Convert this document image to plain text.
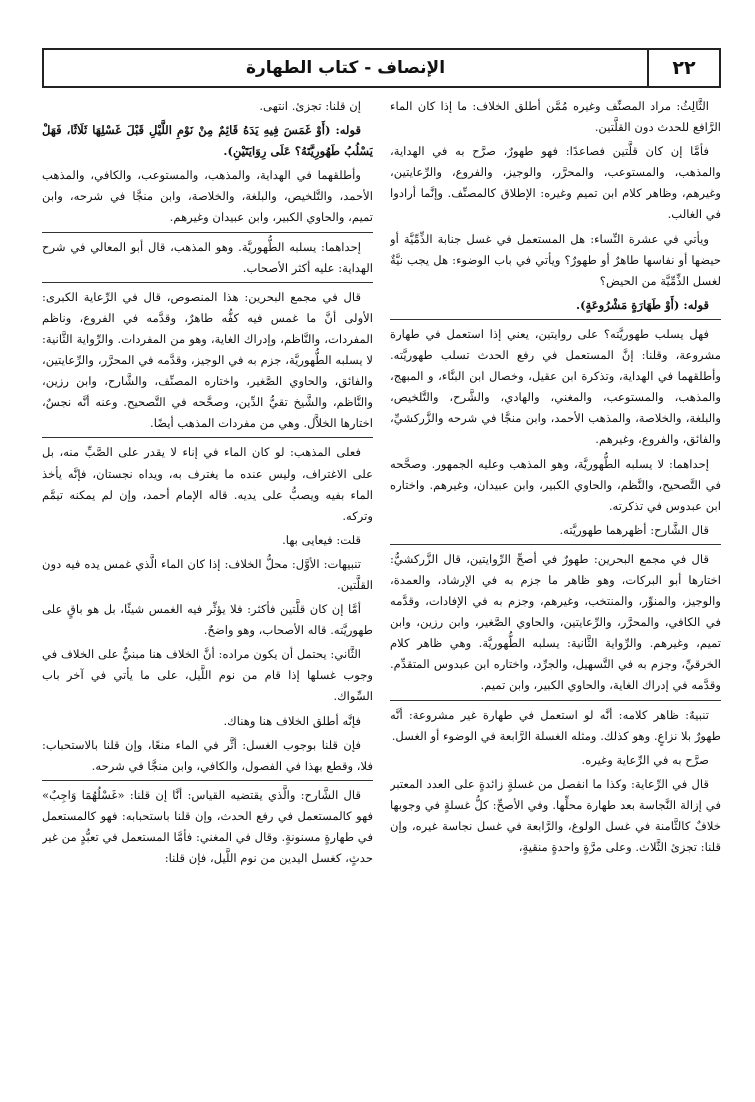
٢٢
الإنصاف - كتاب الطهارة

الثَّالِثُ: مراد المصنِّف وغيره مُمَّن أطلق الخلاف: ما إذا كان الماء الرَّافع للحدث دون القلَّتين.

فأمَّا إن كان قلَّتين فصاعدًا: فهو طهورٌ، صرَّح به في الهداية، والمذهب، والمستوعب، والمحرَّر، والوجيز، والفروع، والرِّعايتين، وغيرهم، وظاهر كلام ابن تميم وغيره: الإطلاق كالمصنِّف. وإنَّما أرادوا في الغالب.

ويأتي في عشرة النِّساء: هل المستعمل في غسل جنابة الذِّمِّيَّة أو حيضها أو نفاسها طاهرٌ أو طهورٌ؟ ويأتي في باب الوضوء: هل يجب نيَّةٌ لغسل الذِّمِّيَّة من الحيض؟

قوله: (أَوْ طَهَارَةٍ مَشْرُوعَةٍ).

فهل يسلب طهوريَّته؟ على روايتين، يعني إذا استعمل في طهارة مشروعة، وقلنا: إنَّ المستعمل في رفع الحدث تسلب طهوريَّته. وأطلقهما في الهداية، وتذكرة ابن عقيل، وخصال ابن البنَّاء، و المبهج، والمذهب، والمستوعب، والمغني، والهادي، والشَّرح، والتَّلخيص، والبلغة، والخلاصة، والمذهب الأحمد، وابن منجَّا في شرحه والزَّركشيِّ، والفائق، والفروع، وغيرهم.

إحداهما: لا يسلبه الطُّهوريَّة، وهو المذهب وعليه الجمهور. وصحَّحه في التَّصحيح، والنَّظم، والحاوي الكبير، وابن عبيدان، وغيرهم. واختاره ابن عبدوس في تذكرته.

قال الشَّارح: أظهرهما طهوريَّته.

قال في مجمع البحرين: طهورٌ في أصحِّ الرِّوايتين، قال الزَّركشيُّ: اختارها أبو البركات، وهو ظاهر ما جزم به في الإرشاد، والعمدة، والوجيز، والمنوِّر، والمنتخب، وغيرهم، وجزم به في الإفادات، وقدَّمه في الكافي، والمحرَّر، والرِّعايتين، والحاوي الصَّغير، وابن رزين، وابن تميم، وغيرهم. والرِّواية الثَّانية: يسلبه الطُّهوريَّة. وهي ظاهر كلام الخرقيِّ، وجزم به في التَّسهيل، والجرِّد، واختاره ابن عبدوس المتقدِّم. وقدَّمه في إدراك الغاية، والحاوي الكبير، وابن تميم.

تنبيهٌ: ظاهر كلامه: أنَّه لو استعمل في طهارة غير مشروعة: أنَّه طهورٌ بلا نزاعٍ. وهو كذلك. ومثله الغسلة الرَّابعة في الوضوء أو الغسل.

صرَّح به في الرِّعاية وغيره.

قال في الرِّعاية: وكذا ما انفصل من غسلةٍ زائدةٍ على العدد المعتبر في إزالة النَّجاسة بعد طهارة محلِّها. وفي الأصحِّ: كلُّ غسلةٍ في وجوبها خلافٌ كالثَّامنة في غسل الولوغ، والرَّابعة في غسل نجاسة غيره، وإن قلنا: تجزئ الثَّلاث. وعلى مرَّةٍ واحدةٍ منقيةٍ،

إن قلنا: تجزئ. انتهى.

قوله: (أَوْ غَمَسَ فِيهِ يَدَهُ قَائِمٌ مِنْ نَوْمِ اللَّيْلِ قَبْلَ غَسْلِهَا ثَلَاثًا، فَهَلْ يَسْلُبُ طَهُورِيَّتَهُ؟ عَلَى رِوَايَتَيْنِ).

وأطلقهما في الهداية، والمذهب، والمستوعب، والكافي، والمذهب الأحمد، والتَّلخيص، والبلغة، والخلاصة، وابن منجَّا في شرحه، وابن تميم، والحاوي الكبير، وابن عبيدان وغيرهم.

إحداهما: يسلبه الطُّهوريَّة. وهو المذهب، قال أبو المعالي في شرح الهداية: عليه أكثر الأصحاب.

قال في مجمع البحرين: هذا المنصوص، قال في الرِّعاية الكبرى: الأولى أنَّ ما غمس فيه كفُّه طاهرٌ، وقدَّمه في الفروع، وناظم المفردات، والنَّاظم، وإدراك الغاية، وهو من المفردات. والرِّواية الثَّانية: لا يسلبه الطُّهوريَّة، جزم به في الوجيز، وقدَّمه في المحرَّر، والرِّعايتين، والفائق، والحاوي الصَّغير، واختاره المصنِّف، والشَّارح، وابن رزين، والنَّاظم، والشَّيخ تقيُّ الدِّين، وصحَّحه في التَّصحيح. وعنه أنَّه نجسٌ، اختارها الخلاَّل. وهي من مفردات المذهب أيضًا.

فعلى المذهب: لو كان الماء في إناء لا يقدر على الصَّبِّ منه، بل على الاغتراف، وليس عنده ما يغترف به، ويداه نجستان، فإنَّه يأخذ الماء بفيه ويصبُّ على يديه. قاله الإمام أحمد، وإن لم يمكنه تيمَّم وتركه.

قلت: فيعايى بها.

تنبيهات: الأوَّل: محلُّ الخلاف: إذا كان الماء الَّذي غمس يده فيه دون القلَّتين.

أمَّا إن كان قلَّتين فأكثر: فلا يؤثِّر فيه الغمس شيئًا، بل هو باقٍ على طهوريَّته. قاله الأصحاب، وهو واضحٌ.

الثَّاني: يحتمل أن يكون مراده: أنَّ الخلاف هنا مبنيٌّ على الخلاف في وجوب غسلها إذا قام من نوم اللَّيل، على ما يأتي في آخر باب السِّواك.

فإنَّه أطلق الخلاف هنا وهناك.

فإن قلنا بوجوب الغسل: أثَّر في الماء منعًا، وإن قلنا بالاستحباب: فلا، وقطع بهذا في الفصول، والكافي، وابن منجَّا في شرحه.

قال الشَّارح: والَّذي يقتضيه القياس: أنَّا إن قلنا: «غَسْلُهُمَا وَاجِبٌ» فهو كالمستعمل في رفع الحدث، وإن قلنا باستحبابه: فهو كالمستعمل في طهارةٍ مسنونةٍ. وقال في المغني: فأمَّا المستعمل في تعبُّدٍ من غير حدثٍ، كغسل اليدين من نوم اللَّيل، فإن قلنا:
